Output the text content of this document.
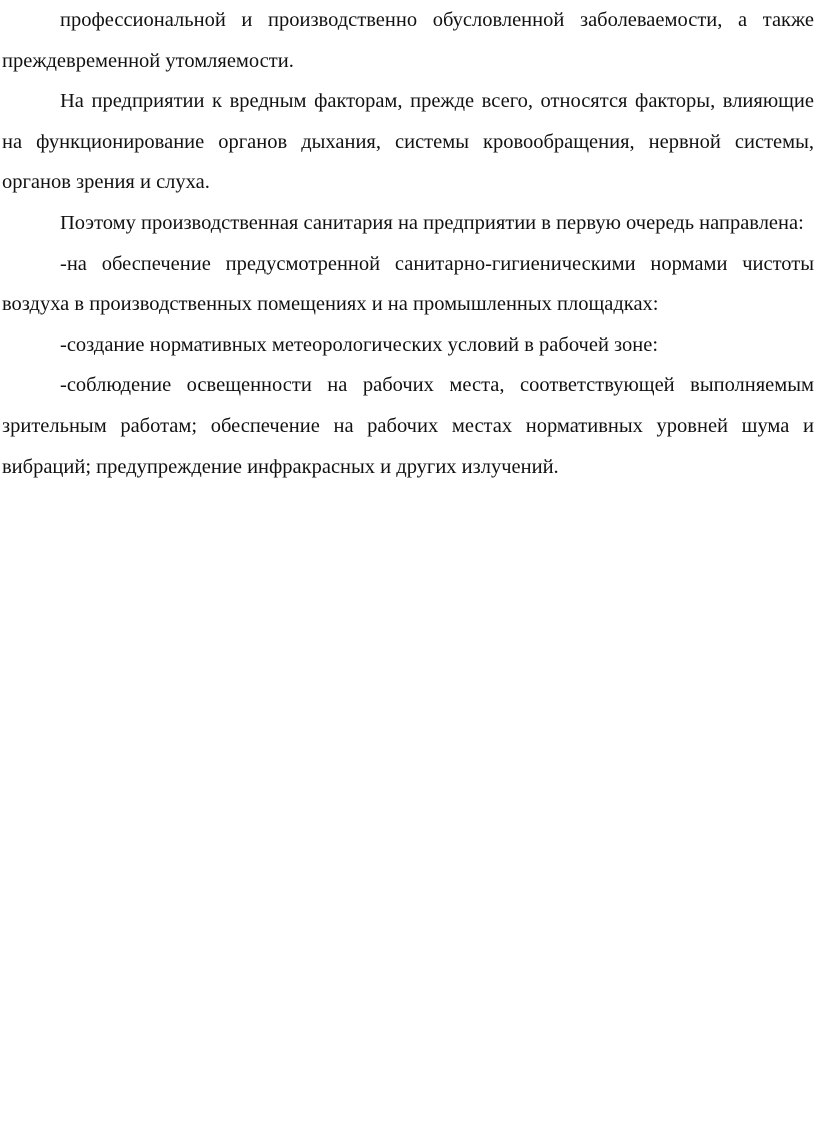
профессиональной и производственно обусловленной заболеваемости, а также преждевременной утомляемости.

На предприятии к вредным факторам, прежде всего, относятся факторы, влияющие на функционирование органов дыхания, системы кровообращения, нервной системы, органов зрения и слуха.

Поэтому производственная санитария на предприятии в первую очередь направлена:

-на обеспечение предусмотренной санитарно-гигиеническими нормами чистоты воздуха в производственных помещениях и на промышленных площадках:

-создание нормативных метеорологических условий в рабочей зоне:

-соблюдение освещенности на рабочих места, соответствующей выполняемым зрительным работам; обеспечение на рабочих местах нормативных уровней шума и вибраций; предупреждение инфракрасных и других излучений.
